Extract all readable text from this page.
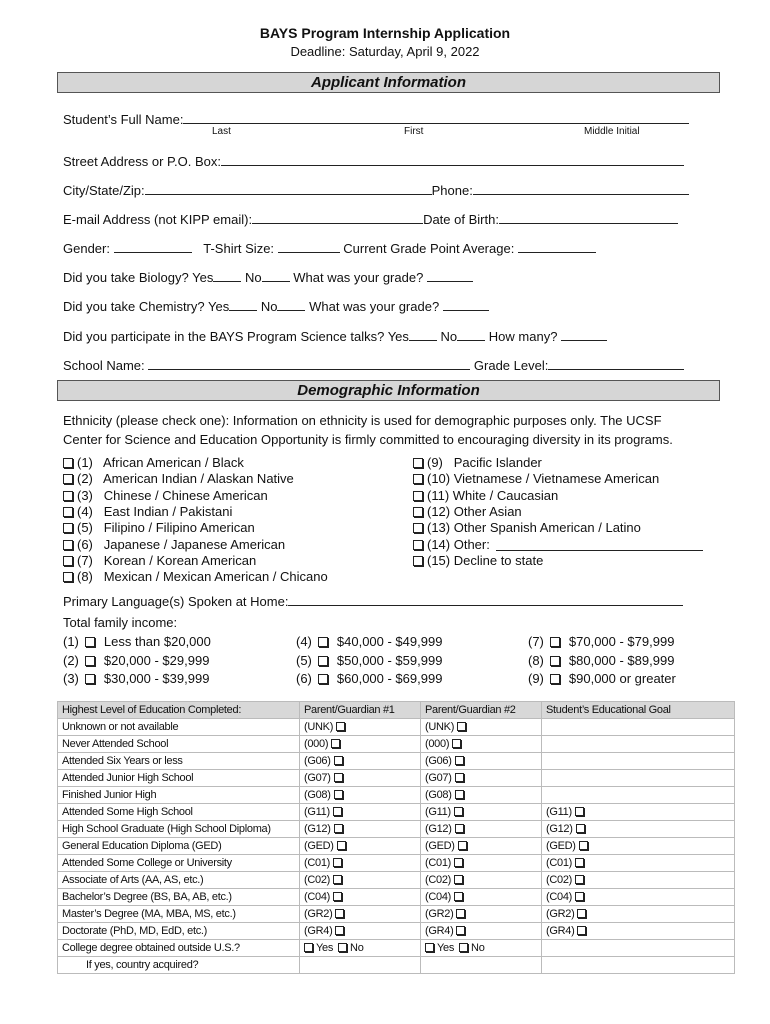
BAYS Program Internship Application
Deadline: Saturday, April 9, 2022
Applicant Information
Student’s Full Name:
Last	First	Middle Initial
Street Address or P.O. Box:
City/State/Zip:	Phone:
E-mail Address (not KIPP email):	Date of Birth:
Gender:	T-Shirt Size:	Current Grade Point Average:
Did you take Biology? Yes No What was your grade?
Did you take Chemistry? Yes No What was your grade?
Did you participate in the BAYS Program Science talks? Yes No How many?
School Name:	Grade Level:
Demographic Information
Ethnicity (please check one): Information on ethnicity is used for demographic purposes only. The UCSF
Center for Science and Education Opportunity is firmly committed to encouraging diversity in its programs.
(1)   African American / Black
(2)   American Indian / Alaskan Native
(3)   Chinese / Chinese American
(4)   East Indian / Pakistani
(5)   Filipino / Filipino American
(6)   Japanese / Japanese American
(7)   Korean / Korean American
(8)   Mexican / Mexican American / Chicano
(9)   Pacific Islander
(10) Vietnamese / Vietnamese American
(11) White / Caucasian
(12) Other Asian
(13) Other Spanish American / Latino
(14) Other:
(15) Decline to state
Primary Language(s) Spoken at Home:
Total family income:
(1) Less than $20,000
(2) $20,000 - $29,999
(3) $30,000 - $39,999
(4) $40,000 - $49,999
(5) $50,000 - $59,999
(6) $60,000 - $69,999
(7) $70,000 - $79,999
(8) $80,000 - $89,999
(9) $90,000 or greater
Highest Level of Education Completed:	Parent/Guardian #1	Parent/Guardian #2	Student’s Educational Goal
Unknown or not available	(UNK)	(UNK)	
Never Attended School	(000)	(000)	
Attended Six Years or less	(G06)	(G06)	
Attended Junior High School	(G07)	(G07)	
Finished Junior High	(G08)	(G08)	
Attended Some High School	(G11)	(G11)	(G11)
High School Graduate (High School Diploma)	(G12)	(G12)	(G12)
General Education Diploma (GED)	(GED)	(GED)	(GED)
Attended Some College or University	(C01)	(C01)	(C01)
Associate of Arts (AA, AS, etc.)	(C02)	(C02)	(C02)
Bachelor’s Degree (BS, BA, AB, etc.)	(C04)	(C04)	(C04)
Master’s Degree (MA, MBA, MS, etc.)	(GR2)	(GR2)	(GR2)
Doctorate (PhD, MD, EdD, etc.)	(GR4)	(GR4)	(GR4)
College degree obtained outside U.S.?	Yes No	Yes No	
If yes, country acquired?			
